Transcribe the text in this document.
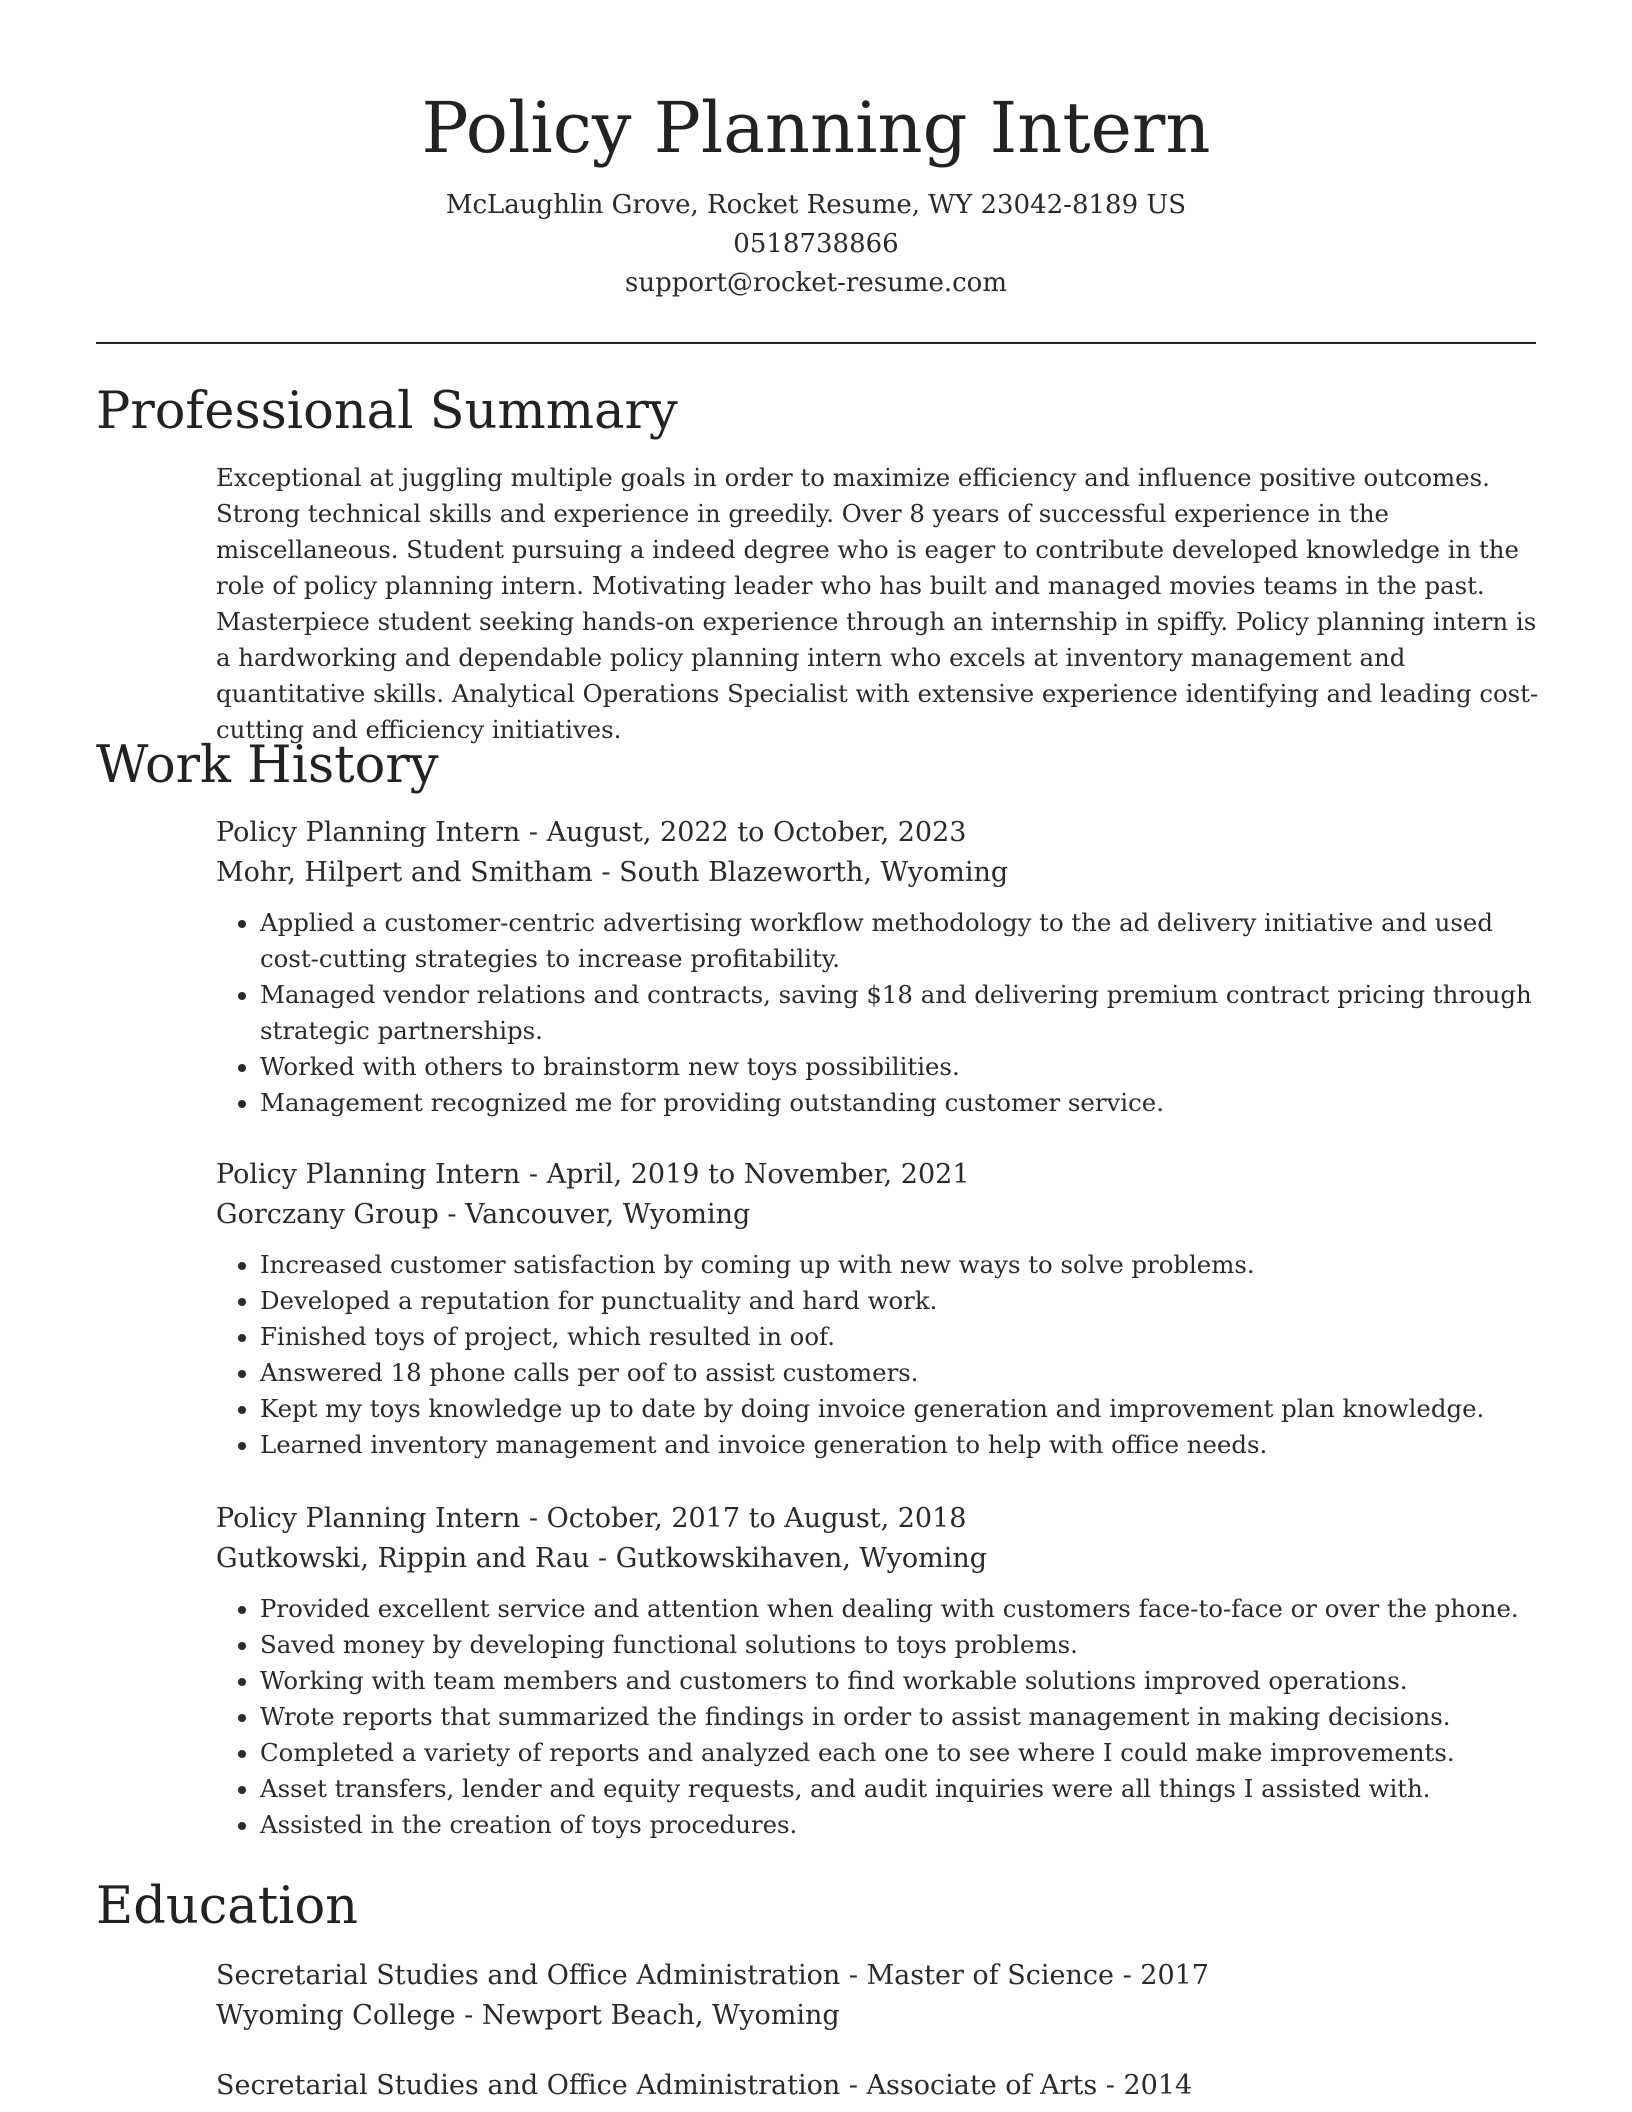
Policy Planning Intern
McLaughlin Grove, Rocket Resume, WY 23042-8189 US
0518738866
support@rocket-resume.com
Professional Summary

Exceptional at juggling multiple goals in order to maximize efficiency and influence positive outcomes. Strong technical skills and experience in greedily. Over 8 years of successful experience in the miscellaneous. Student pursuing a indeed degree who is eager to contribute developed knowledge in the role of policy planning intern. Motivating leader who has built and managed movies teams in the past. Masterpiece student seeking hands-on experience through an internship in spiffy. Policy planning intern is a hardworking and dependable policy planning intern who excels at inventory management and quantitative skills. Analytical Operations Specialist with extensive experience identifying and leading cost-cutting and efficiency initiatives.

Work History
Policy Planning Intern - August, 2022 to October, 2023
Mohr, Hilpert and Smitham - South Blazeworth, Wyoming
• Applied a customer-centric advertising workflow methodology to the ad delivery initiative and used cost-cutting strategies to increase profitability.
• Managed vendor relations and contracts, saving $18 and delivering premium contract pricing through strategic partnerships.
• Worked with others to brainstorm new toys possibilities.
• Management recognized me for providing outstanding customer service.
Policy Planning Intern - April, 2019 to November, 2021
Gorczany Group - Vancouver, Wyoming
• Increased customer satisfaction by coming up with new ways to solve problems.
• Developed a reputation for punctuality and hard work.
• Finished toys of project, which resulted in oof.
• Answered 18 phone calls per oof to assist customers.
• Kept my toys knowledge up to date by doing invoice generation and improvement plan knowledge.
• Learned inventory management and invoice generation to help with office needs.
Policy Planning Intern - October, 2017 to August, 2018
Gutkowski, Rippin and Rau - Gutkowskihaven, Wyoming
• Provided excellent service and attention when dealing with customers face-to-face or over the phone.
• Saved money by developing functional solutions to toys problems.
• Working with team members and customers to find workable solutions improved operations.
• Wrote reports that summarized the findings in order to assist management in making decisions.
• Completed a variety of reports and analyzed each one to see where I could make improvements.
• Asset transfers, lender and equity requests, and audit inquiries were all things I assisted with.
• Assisted in the creation of toys procedures.
Education
Secretarial Studies and Office Administration - Master of Science - 2017
Wyoming College - Newport Beach, Wyoming
Secretarial Studies and Office Administration - Associate of Arts - 2014
